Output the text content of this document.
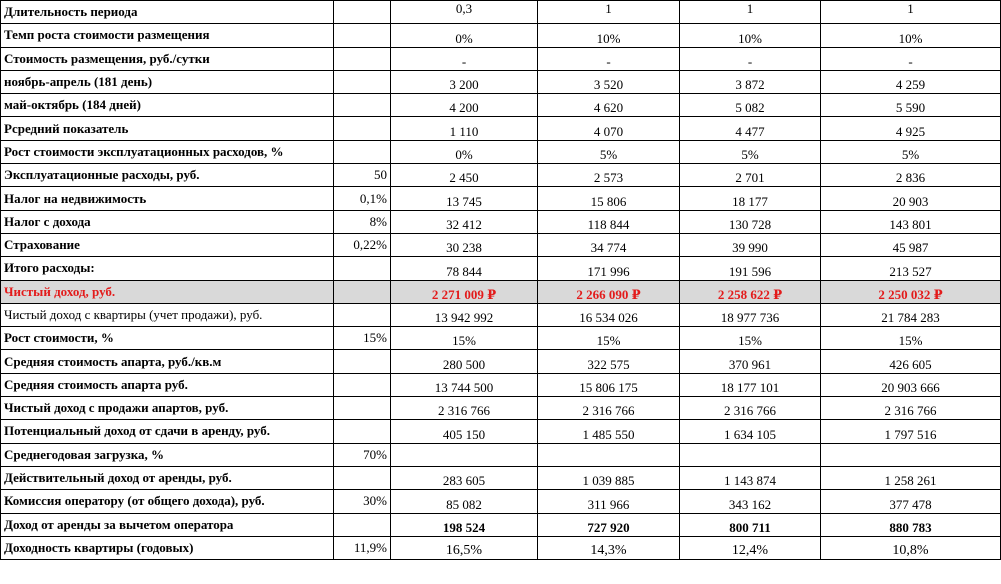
Длительность периода		0,3	1	1	1
Темп роста стоимости размещения		0%	10%	10%	10%
Стоимость размещения, руб./сутки		-	-	-	-
ноябрь-апрель (181 день)		3 200	3 520	3 872	4 259
май-октябрь (184 дней)		4 200	4 620	5 082	5 590
Рсредний показатель		1 110	4 070	4 477	4 925
Рост стоимости эксплуатационных расходов, %		0%	5%	5%	5%
Эксплуатационные расходы, руб.	50	2 450	2 573	2 701	2 836
Налог на недвижимость	0,1%	13 745	15 806	18 177	20 903
Налог с дохода	8%	32 412	118 844	130 728	143 801
Страхование	0,22%	30 238	34 774	39 990	45 987
Итого расходы:		78 844	171 996	191 596	213 527
Чистый доход, руб.		2 271 009 ₽	2 266 090 ₽	2 258 622 ₽	2 250 032 ₽
Чистый доход с квартиры (учет продажи), руб.		13 942 992	16 534 026	18 977 736	21 784 283
Рост стоимости, %	15%	15%	15%	15%	15%
Средняя стоимость апарта, руб./кв.м		280 500	322 575	370 961	426 605
Средняя стоимость апарта руб.		13 744 500	15 806 175	18 177 101	20 903 666
Чистый доход с продажи апартов, руб.		2 316 766	2 316 766	2 316 766	2 316 766
Потенциальный доход от сдачи в аренду, руб.		405 150	1 485 550	1 634 105	1 797 516
Среднегодовая загрузка, %	70%				
Действительный доход от аренды, руб.		283 605	1 039 885	1 143 874	1 258 261
Комиссия оператору (от общего дохода), руб.	30%	85 082	311 966	343 162	377 478
Доход от аренды за вычетом оператора		198 524	727 920	800 711	880 783
Доходность квартиры (годовых)	11,9%	16,5%	14,3%	12,4%	10,8%
